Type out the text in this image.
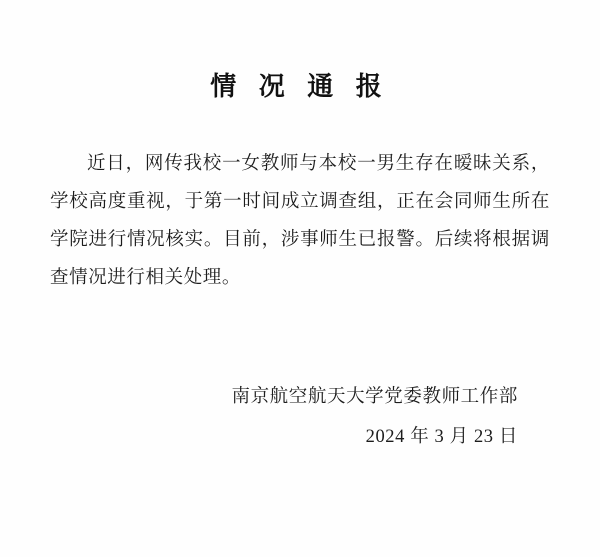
情 况 通 报

近日，网传我校一女教师与本校一男生存在暧昧关系，学校高度重视，于第一时间成立调查组，正在会同师生所在学院进行情况核实。目前，涉事师生已报警。后续将根据调查情况进行相关处理。

南京航空航天大学党委教师工作部
2024 年 3 月 23 日
